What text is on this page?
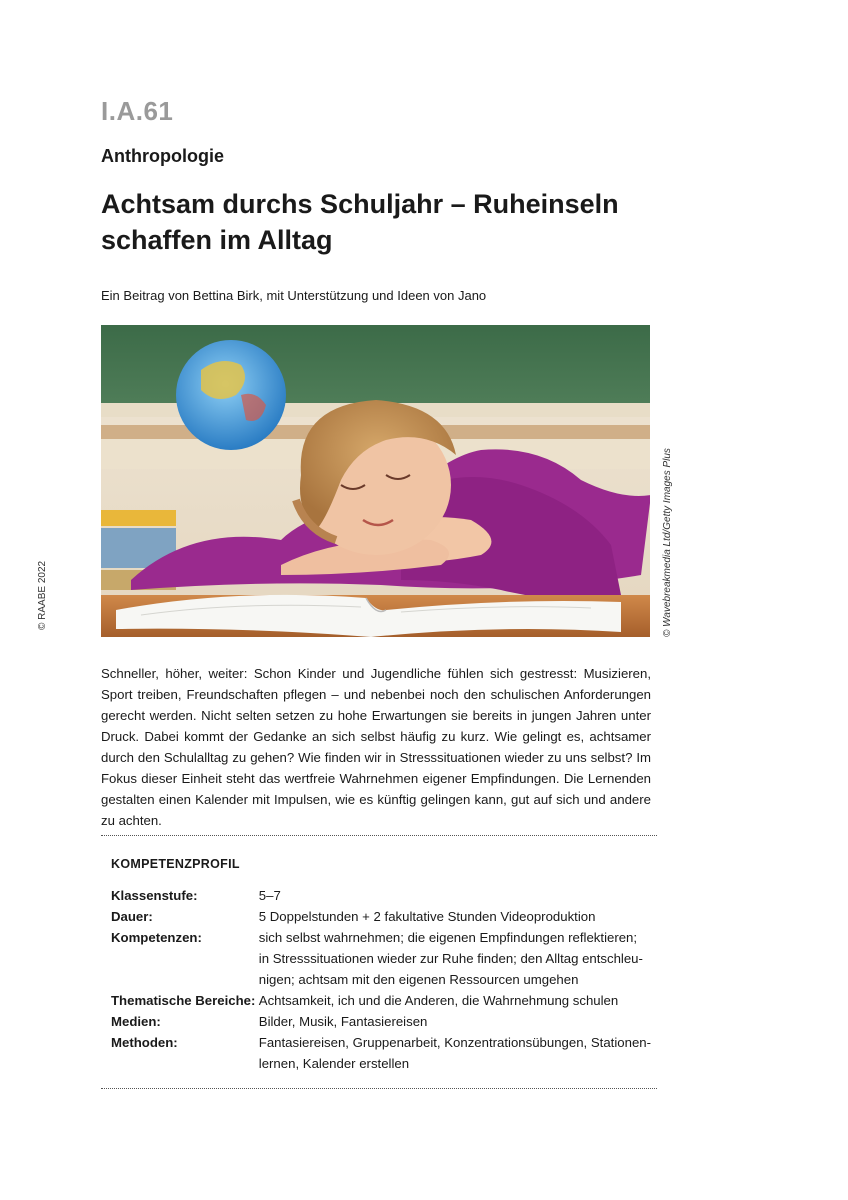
I.A.61
Anthropologie
Achtsam durchs Schuljahr – Ruheinseln
schaffen im Alltag
Ein Beitrag von Bettina Birk, mit Unterstützung und Ideen von Jano
© Wavebreakmedia Ltd/Getty Images Plus
© RAABE 2022
Schneller, höher, weiter: Schon Kinder und Jugendliche fühlen sich gestresst: Musizieren, Sport treiben, Freundschaften pflegen – und nebenbei noch den schulischen Anforderungen gerecht werden. Nicht selten setzen zu hohe Erwartungen sie bereits in jungen Jahren unter Druck. Dabei kommt der Gedanke an sich selbst häufig zu kurz. Wie gelingt es, achtsamer durch den Schulalltag zu gehen? Wie finden wir in Stresssituationen wieder zu uns selbst? Im Fokus dieser Einheit steht das wertfreie Wahrnehmen eigener Empfindungen. Die Lernenden gestalten einen Kalender mit Impulsen, wie es künftig gelingen kann, gut auf sich und andere zu achten.
KOMPETENZPROFIL
Klassenstufe:	5–7

Dauer:	5 Doppelstunden + 2 fakultative Stunden Videoproduktion

Kompetenzen:	sich selbst wahrnehmen; die eigenen Empfindungen reflektieren;
in Stresssituationen wieder zur Ruhe finden; den Alltag entschleu-
nigen; achtsam mit den eigenen Ressourcen umgehen

Thematische Bereiche:	Achtsamkeit, ich und die Anderen, die Wahrnehmung schulen

Medien:	Bilder, Musik, Fantasiereisen

Methoden:	Fantasiereisen, Gruppenarbeit, Konzentrationsübungen, Stationen-
lernen, Kalender erstellen
